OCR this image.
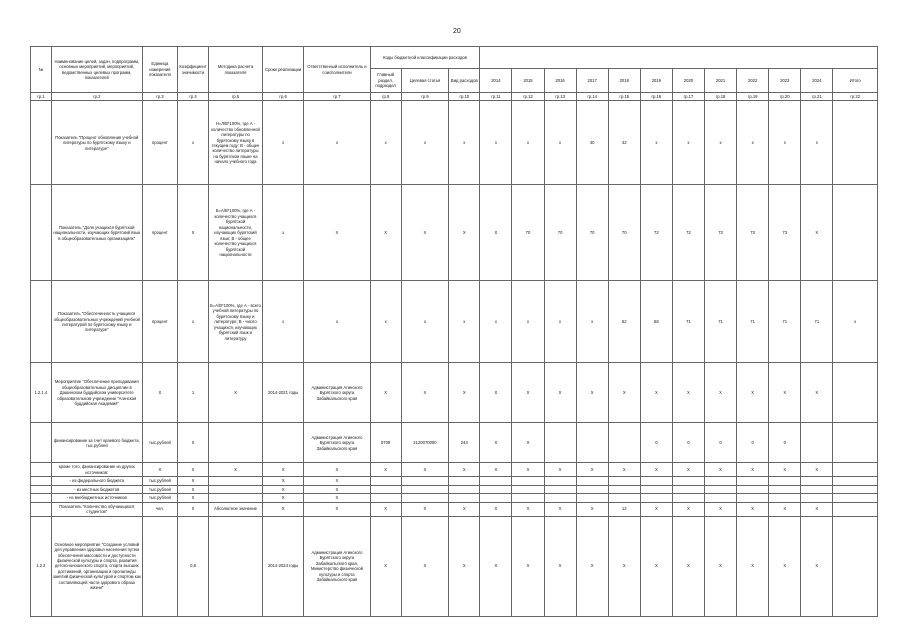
20
№	Наименование целей, задач, подпрограмм, основных мероприятий, мероприятий, ведомственных целевых программ, показателей	Единица измерения показателя	Коэффициент значимости	Методика расчета показателя	Сроки реализации	Ответственный исполнитель и соисполнители	Коды бюджетной классификации расходов														
							Главный раздел, подраздел	Целевая статья	Вид расходов	2014	2015	2016	2017	2018	2019	2020	2021	2022	2023	2024	Итого
гр.1	гр.2	гр.3	гр.4	гр.5	гр.6	гр.7	гр.8	гр.9	гр.10	гр.11	гр.12	гр.13	гр.14	гр.15	гр.16	гр.17	гр.18	гр.19	гр.20	гр.21	гр.22
	Показатель "Процент обновления учебной литературы по бурятскому языку и литературе"	процент	х	Н=Л/В*100%, где А - количество обновленной литературы по бурятскому языку в текущем году; В - общее количество литературы на бурятском языке на начало учебного года	х	х	х	х	х	х	х	х	40	42	х	х	х	х	х	х	
	Показатель "Доля учащихся бурятской национальности, изучающих бурятский язык в общеобразовательных организациях"	процент	Х	Б=А/В*100%, где А - количество учащихся бурятской национальности, изучающих бурятский язык; В - общее количество учащихся бурятской национальности	х	Х	Х	Х	Х	Х	70	70	70	70	72	72	73	73	73	Х	
	Показатель "Обеспеченность учащихся общеобразовательных учреждений учебной литературой по бурятскому языку и литературе"	процент	х	Б=А/В*100%, где А - всего учебной литературы по бурятскому языку и литературе; В - число учащихся, изучающих бурятский язык и литературу	х	х	х	х	х	х	х	х	х	62	68	71	71	71	71	71	х
1.2.1.4	Мероприятие "Обеспечение преподавания общеобразовательных дисциплин в Дашинском буддийском университете образовательном учреждении "Агинская буддийская Академия"	Х	1	Х	2014-2021 годы	Администрация Агинского Бурятского округа Забайкальского края	Х	Х	Х	Х	Х	Х	Х	Х	Х	Х	Х	Х	Х	Х	
	финансирование за счет краевого бюджета, тыс.рублей	тыс.рублей	Х			Администрация Агинского Бурятского округа Забайкальского края	0709	2120070000	244	Х	Х				0	0	0	0	0		
	кроме того, финансирование из других источников:	Х	Х	Х	Х	Х	Х	Х	Х	Х	Х	Х	Х	Х	Х	Х	Х	Х	Х	Х	
	- из федерального бюджета	тыс.рублей	Х		Х	Х															
	- из местных бюджетов	тыс.рублей	Х		Х	Х															
	- из внебюджетных источников	тыс.рублей	Х		Х	Х															
	Показатель "Количество обучающихся студентов"	чел.	Х	Абсолютное значение	Х	Х	Х	Х	Х	Х	Х	Х	Х	12	Х	Х	Х	Х	Х	Х	
1.2.2	Основное мероприятие "Создание условий для управления здоровья населения путем обеспечения массовости и доступности физической культуры и спорта, развития детско-юношеского спорта, спорта высших достижений, организации и пропаганды занятий физической культурой и спортом как составляющей части здорового образа жизни"		0,8		2014-2024 годы	Администрация Агинского Бурятского округа Забайкальского края, Министерство физической культуры и спорта Забайкальского края	Х	Х	Х	Х	Х	Х	Х	Х	Х	Х	Х	Х	Х	Х	
